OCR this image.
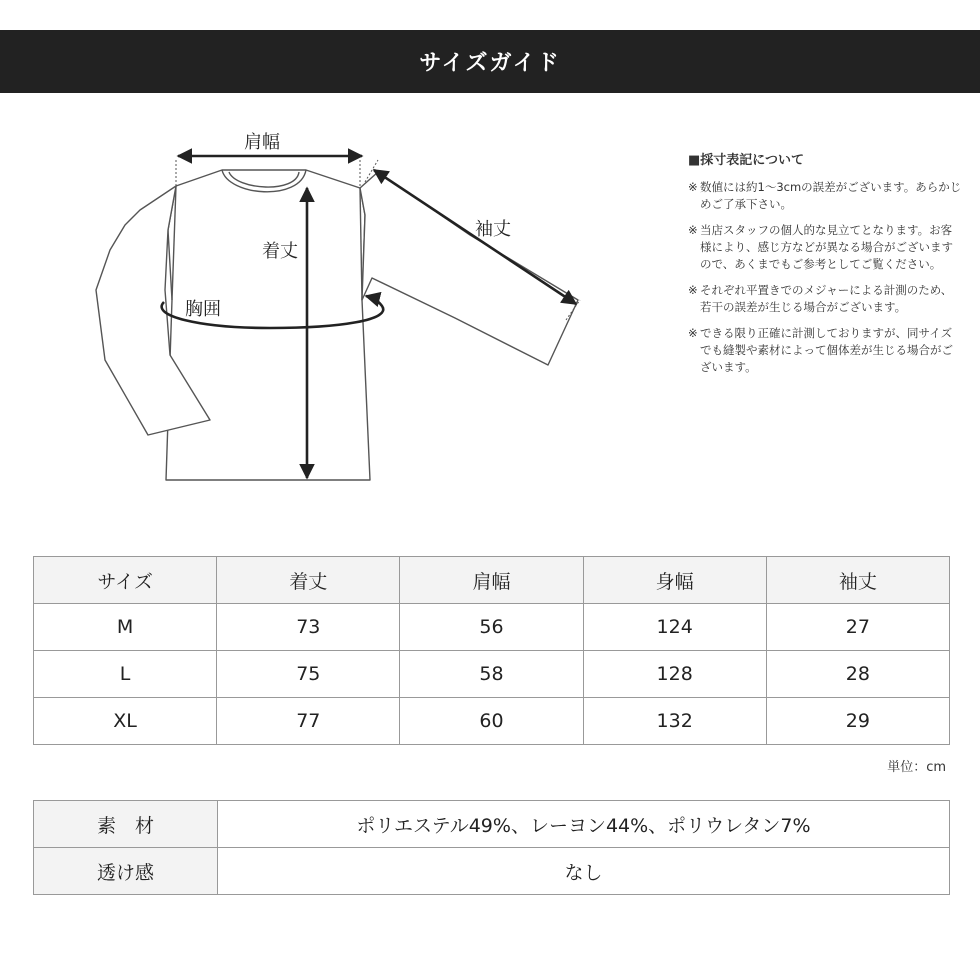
サイズガイド
肩幅
着丈
袖丈
胸囲
■採寸表記について
※ 数値には約1〜3cmの誤差がございます。あらかじめご了承下さい。
※ 当店スタッフの個人的な見立てとなります。お客様により、感じ方などが異なる場合がございますので、あくまでもご参考としてご覧ください。
※ それぞれ平置きでのメジャーによる計測のため、若干の誤差が生じる場合がございます。
※ できる限り正確に計測しておりますが、同サイズでも縫製や素材によって個体差が生じる場合がございます。
サイズ	着丈	肩幅	身幅	袖丈
M	73	56	124	27
L	75	58	128	28
XL	77	60	132	29
単位：cm
素　材	ポリエステル49%、レーヨン44%、ポリウレタン7%
透け感	なし
